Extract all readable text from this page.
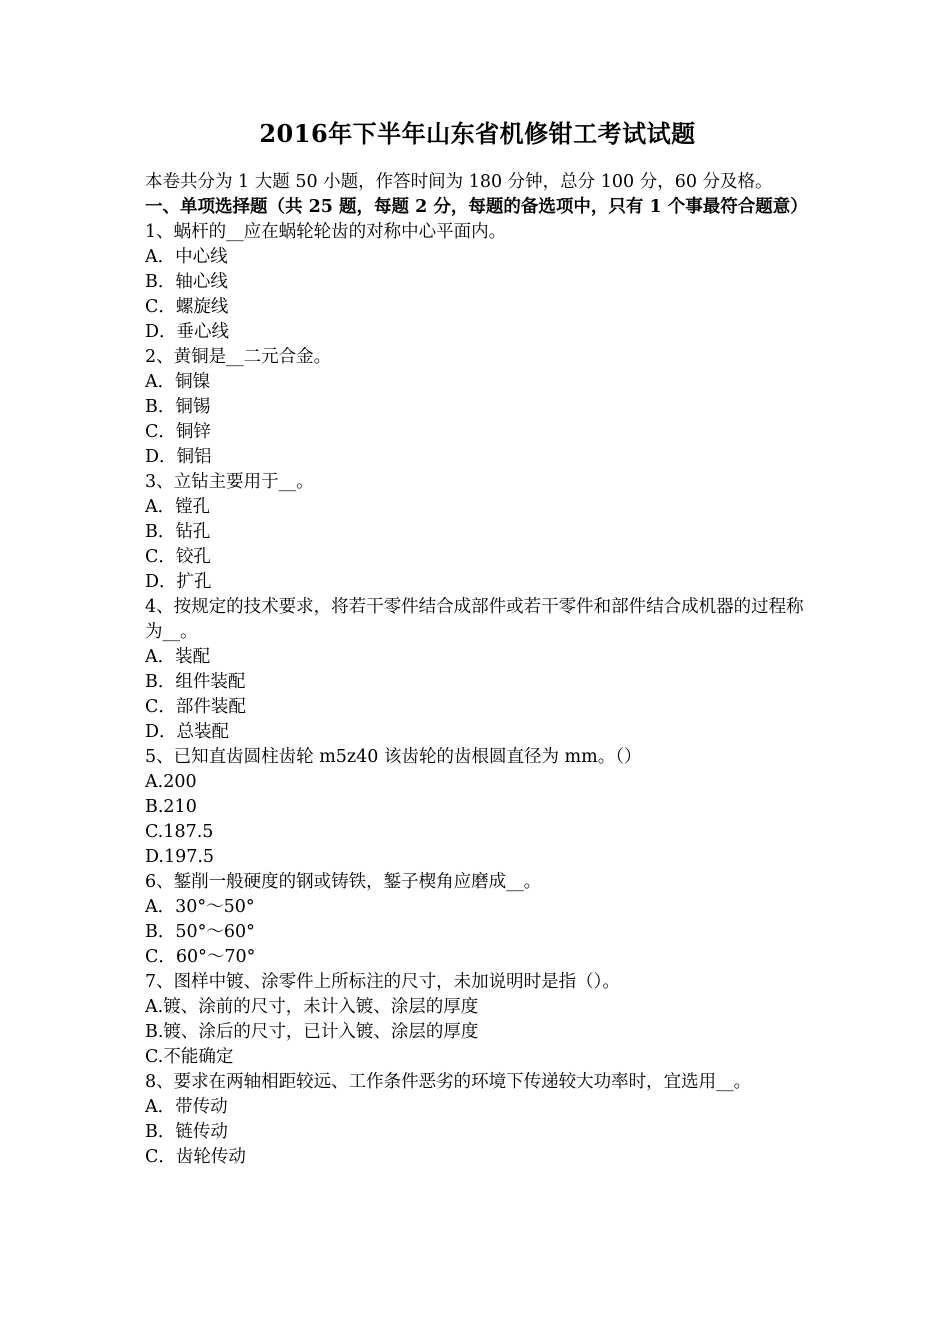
2016年下半年山东省机修钳工考试试题

本卷共分为 1 大题 50 小题，作答时间为 180 分钟，总分 100 分，60 分及格。

一、单项选择题（共 25 题，每题 2 分，每题的备选项中，只有 1 个事最符合题意）

1、蜗杆的__应在蜗轮轮齿的对称中心平面内。

A．中心线

B．轴心线

C．螺旋线

D．垂心线

2、黄铜是__二元合金。

A．铜镍

B．铜锡

C．铜锌

D．铜铝

3、立钻主要用于__。

A．镗孔

B．钻孔

C．铰孔

D．扩孔

4、按规定的技术要求，将若干零件结合成部件或若干零件和部件结合成机器的过程称为__。

A．装配

B．组件装配

C．部件装配

D．总装配

5、已知直齿圆柱齿轮 m5z40 该齿轮的齿根圆直径为 mm。（）

A.200

B.210

C.187.5

D.197.5

6、錾削一般硬度的钢或铸铁，錾子楔角应磨成__。

A．30°～50°

B．50°～60°

C．60°～70°

7、图样中镀、涂零件上所标注的尺寸，未加说明时是指（）。

A.镀、涂前的尺寸，未计入镀、涂层的厚度

B.镀、涂后的尺寸，已计入镀、涂层的厚度

C.不能确定

8、要求在两轴相距较远、工作条件恶劣的环境下传递较大功率时，宜选用__。

A．带传动

B．链传动

C．齿轮传动
